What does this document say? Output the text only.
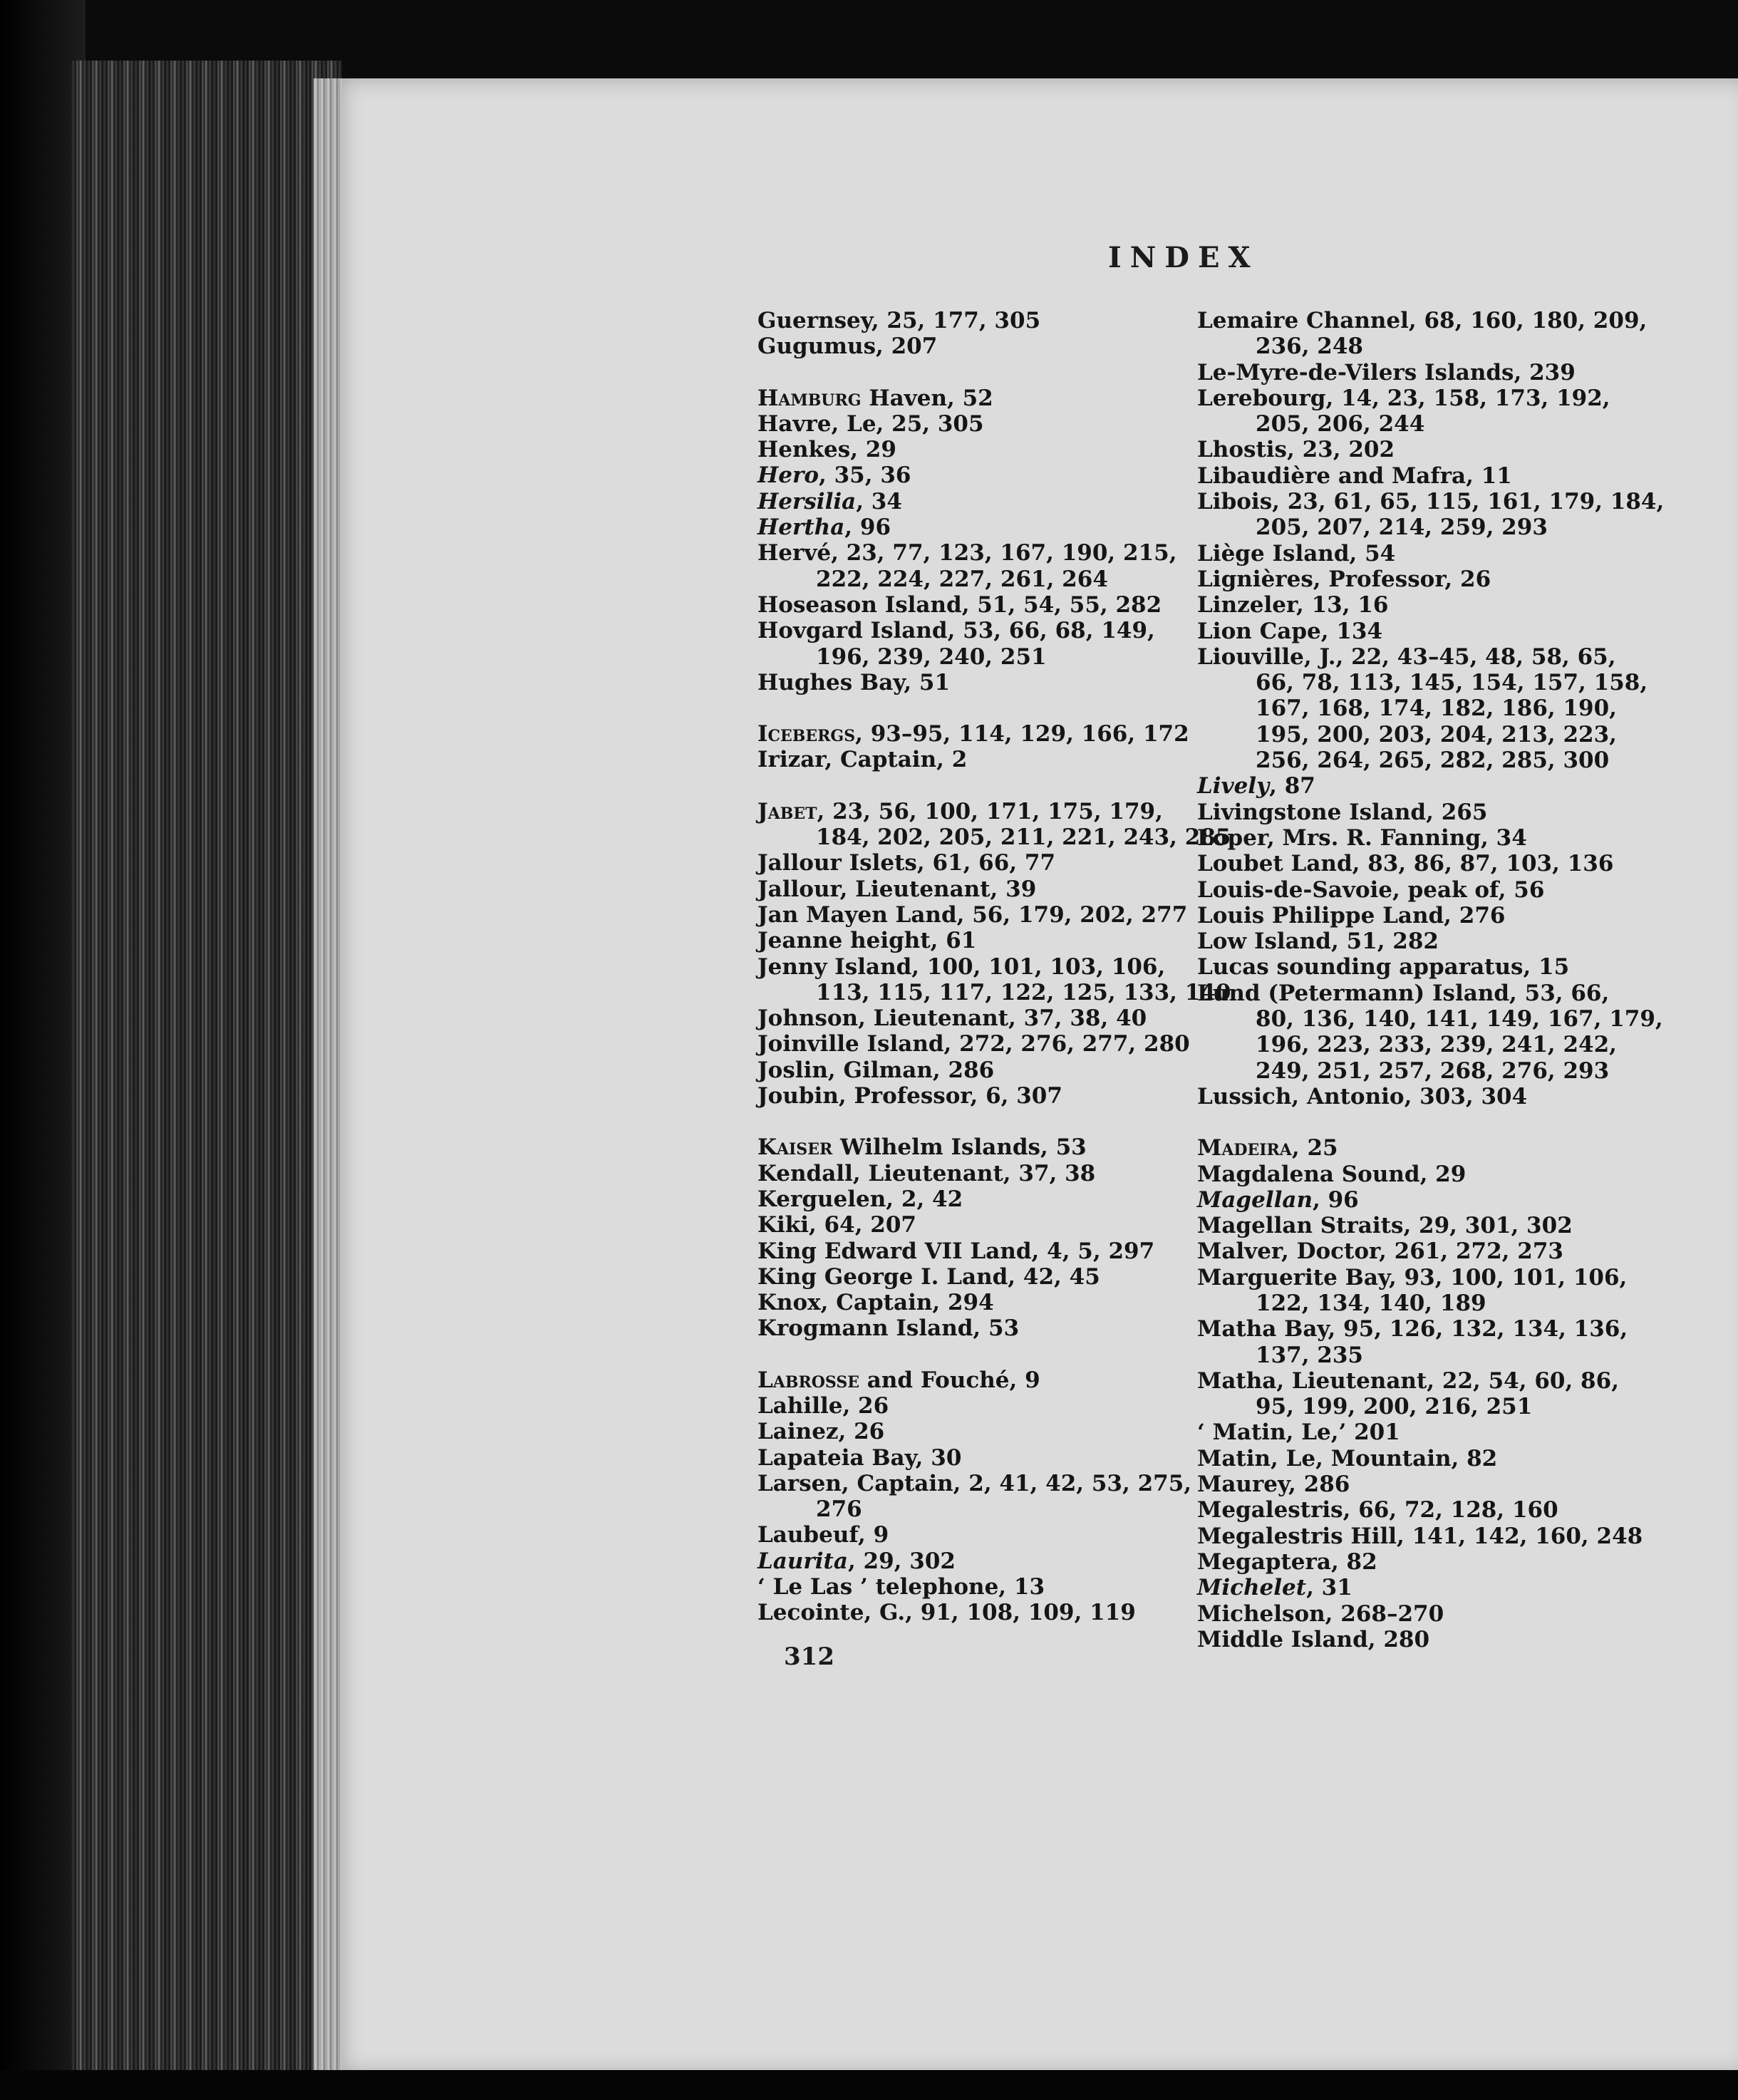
INDEX
Guernsey, 25, 177, 305
Gugumus, 207
Hamburg Haven, 52
Havre, Le, 25, 305
Henkes, 29
Hero, 35, 36
Hersilia, 34
Hertha, 96
Hervé, 23, 77, 123, 167, 190, 215,
222, 224, 227, 261, 264
Hoseason Island, 51, 54, 55, 282
Hovgard Island, 53, 66, 68, 149,
196, 239, 240, 251
Hughes Bay, 51
Icebergs, 93–95, 114, 129, 166, 172
Irizar, Captain, 2
Jabet, 23, 56, 100, 171, 175, 179,
184, 202, 205, 211, 221, 243, 285
Jallour Islets, 61, 66, 77
Jallour, Lieutenant, 39
Jan Mayen Land, 56, 179, 202, 277
Jeanne height, 61
Jenny Island, 100, 101, 103, 106,
113, 115, 117, 122, 125, 133, 140
Johnson, Lieutenant, 37, 38, 40
Joinville Island, 272, 276, 277, 280
Joslin, Gilman, 286
Joubin, Professor, 6, 307
Kaiser Wilhelm Islands, 53
Kendall, Lieutenant, 37, 38
Kerguelen, 2, 42
Kiki, 64, 207
King Edward VII Land, 4, 5, 297
King George I. Land, 42, 45
Knox, Captain, 294
Krogmann Island, 53
Labrosse and Fouché, 9
Lahille, 26
Lainez, 26
Lapateia Bay, 30
Larsen, Captain, 2, 41, 42, 53, 275,
276
Laubeuf, 9
Laurita, 29, 302
‘ Le Las ’ telephone, 13
Lecointe, G., 91, 108, 109, 119
Lemaire Channel, 68, 160, 180, 209,
236, 248
Le-Myre-de-Vilers Islands, 239
Lerebourg, 14, 23, 158, 173, 192,
205, 206, 244
Lhostis, 23, 202
Libaudière and Mafra, 11
Libois, 23, 61, 65, 115, 161, 179, 184,
205, 207, 214, 259, 293
Liège Island, 54
Lignières, Professor, 26
Linzeler, 13, 16
Lion Cape, 134
Liouville, J., 22, 43–45, 48, 58, 65,
66, 78, 113, 145, 154, 157, 158,
167, 168, 174, 182, 186, 190,
195, 200, 203, 204, 213, 223,
256, 264, 265, 282, 285, 300
Lively, 87
Livingstone Island, 265
Loper, Mrs. R. Fanning, 34
Loubet Land, 83, 86, 87, 103, 136
Louis-de-Savoie, peak of, 56
Louis Philippe Land, 276
Low Island, 51, 282
Lucas sounding apparatus, 15
Lund (Petermann) Island, 53, 66,
80, 136, 140, 141, 149, 167, 179,
196, 223, 233, 239, 241, 242,
249, 251, 257, 268, 276, 293
Lussich, Antonio, 303, 304
Madeira, 25
Magdalena Sound, 29
Magellan, 96
Magellan Straits, 29, 301, 302
Malver, Doctor, 261, 272, 273
Marguerite Bay, 93, 100, 101, 106,
122, 134, 140, 189
Matha Bay, 95, 126, 132, 134, 136,
137, 235
Matha, Lieutenant, 22, 54, 60, 86,
95, 199, 200, 216, 251
‘ Matin, Le,’ 201
Matin, Le, Mountain, 82
Maurey, 286
Megalestris, 66, 72, 128, 160
Megalestris Hill, 141, 142, 160, 248
Megaptera, 82
Michelet, 31
Michelson, 268–270
Middle Island, 280
312
